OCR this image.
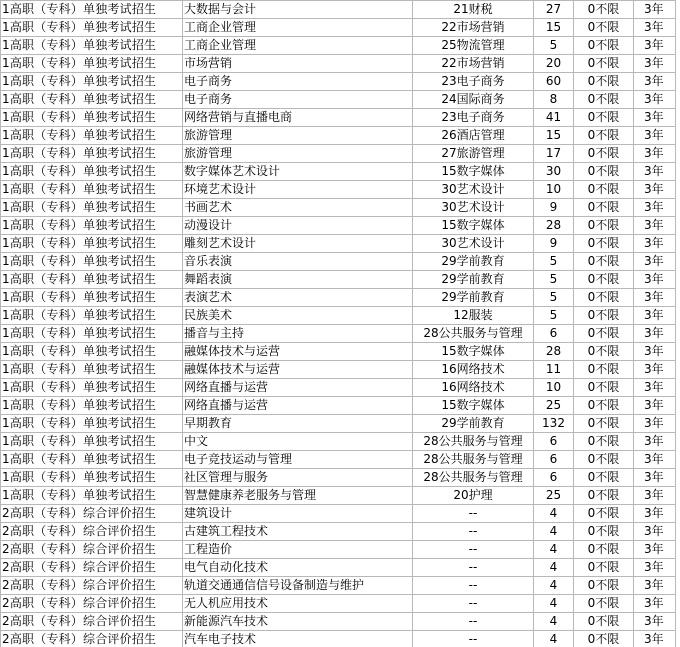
1高职（专科）单独考试招生	大数据与会计	21财税	27	0不限	3年
1高职（专科）单独考试招生	工商企业管理	22市场营销	15	0不限	3年
1高职（专科）单独考试招生	工商企业管理	25物流管理	5	0不限	3年
1高职（专科）单独考试招生	市场营销	22市场营销	20	0不限	3年
1高职（专科）单独考试招生	电子商务	23电子商务	60	0不限	3年
1高职（专科）单独考试招生	电子商务	24国际商务	8	0不限	3年
1高职（专科）单独考试招生	网络营销与直播电商	23电子商务	41	0不限	3年
1高职（专科）单独考试招生	旅游管理	26酒店管理	15	0不限	3年
1高职（专科）单独考试招生	旅游管理	27旅游管理	17	0不限	3年
1高职（专科）单独考试招生	数字媒体艺术设计	15数字媒体	30	0不限	3年
1高职（专科）单独考试招生	环境艺术设计	30艺术设计	10	0不限	3年
1高职（专科）单独考试招生	书画艺术	30艺术设计	9	0不限	3年
1高职（专科）单独考试招生	动漫设计	15数字媒体	28	0不限	3年
1高职（专科）单独考试招生	雕刻艺术设计	30艺术设计	9	0不限	3年
1高职（专科）单独考试招生	音乐表演	29学前教育	5	0不限	3年
1高职（专科）单独考试招生	舞蹈表演	29学前教育	5	0不限	3年
1高职（专科）单独考试招生	表演艺术	29学前教育	5	0不限	3年
1高职（专科）单独考试招生	民族美术	12服装	5	0不限	3年
1高职（专科）单独考试招生	播音与主持	28公共服务与管理	6	0不限	3年
1高职（专科）单独考试招生	融媒体技术与运营	15数字媒体	28	0不限	3年
1高职（专科）单独考试招生	融媒体技术与运营	16网络技术	11	0不限	3年
1高职（专科）单独考试招生	网络直播与运营	16网络技术	10	0不限	3年
1高职（专科）单独考试招生	网络直播与运营	15数字媒体	25	0不限	3年
1高职（专科）单独考试招生	早期教育	29学前教育	132	0不限	3年
1高职（专科）单独考试招生	中文	28公共服务与管理	6	0不限	3年
1高职（专科）单独考试招生	电子竞技运动与管理	28公共服务与管理	6	0不限	3年
1高职（专科）单独考试招生	社区管理与服务	28公共服务与管理	6	0不限	3年
1高职（专科）单独考试招生	智慧健康养老服务与管理	20护理	25	0不限	3年
2高职（专科）综合评价招生	建筑设计	--	4	0不限	3年
2高职（专科）综合评价招生	古建筑工程技术	--	4	0不限	3年
2高职（专科）综合评价招生	工程造价	--	4	0不限	3年
2高职（专科）综合评价招生	电气自动化技术	--	4	0不限	3年
2高职（专科）综合评价招生	轨道交通通信信号设备制造与维护	--	4	0不限	3年
2高职（专科）综合评价招生	无人机应用技术	--	4	0不限	3年
2高职（专科）综合评价招生	新能源汽车技术	--	4	0不限	3年
2高职（专科）综合评价招生	汽车电子技术	--	4	0不限	3年
